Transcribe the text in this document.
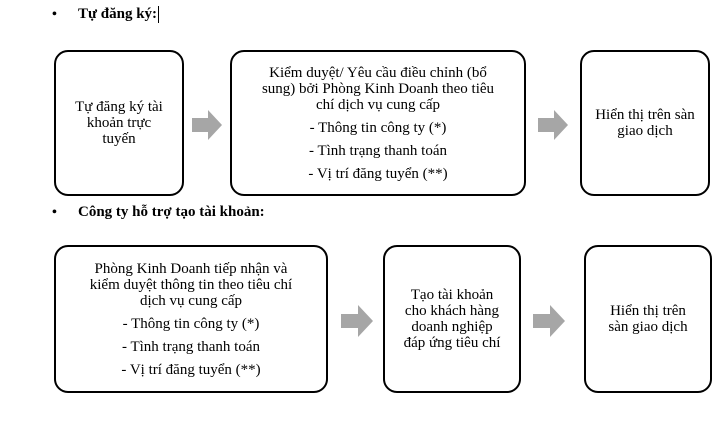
•	Tự đăng ký:
Tự đăng ký tài
khoản trực
tuyến
Kiểm duyệt/ Yêu cầu điều chỉnh (bổ
sung) bởi Phòng Kinh Doanh theo tiêu
chí dịch vụ cung cấp
- Thông tin công ty (*)
- Tình trạng thanh toán
- Vị trí đăng tuyển (**)
Hiển thị trên sàn
giao dịch
•	Công ty hỗ trợ tạo tài khoản:
Phòng Kinh Doanh tiếp nhận và
kiểm duyệt thông tin theo tiêu chí
dịch vụ cung cấp
- Thông tin công ty (*)
- Tình trạng thanh toán
- Vị trí đăng tuyển (**)
Tạo tài khoản
cho khách hàng
doanh nghiệp
đáp ứng tiêu chí
Hiển thị trên
sàn giao dịch
